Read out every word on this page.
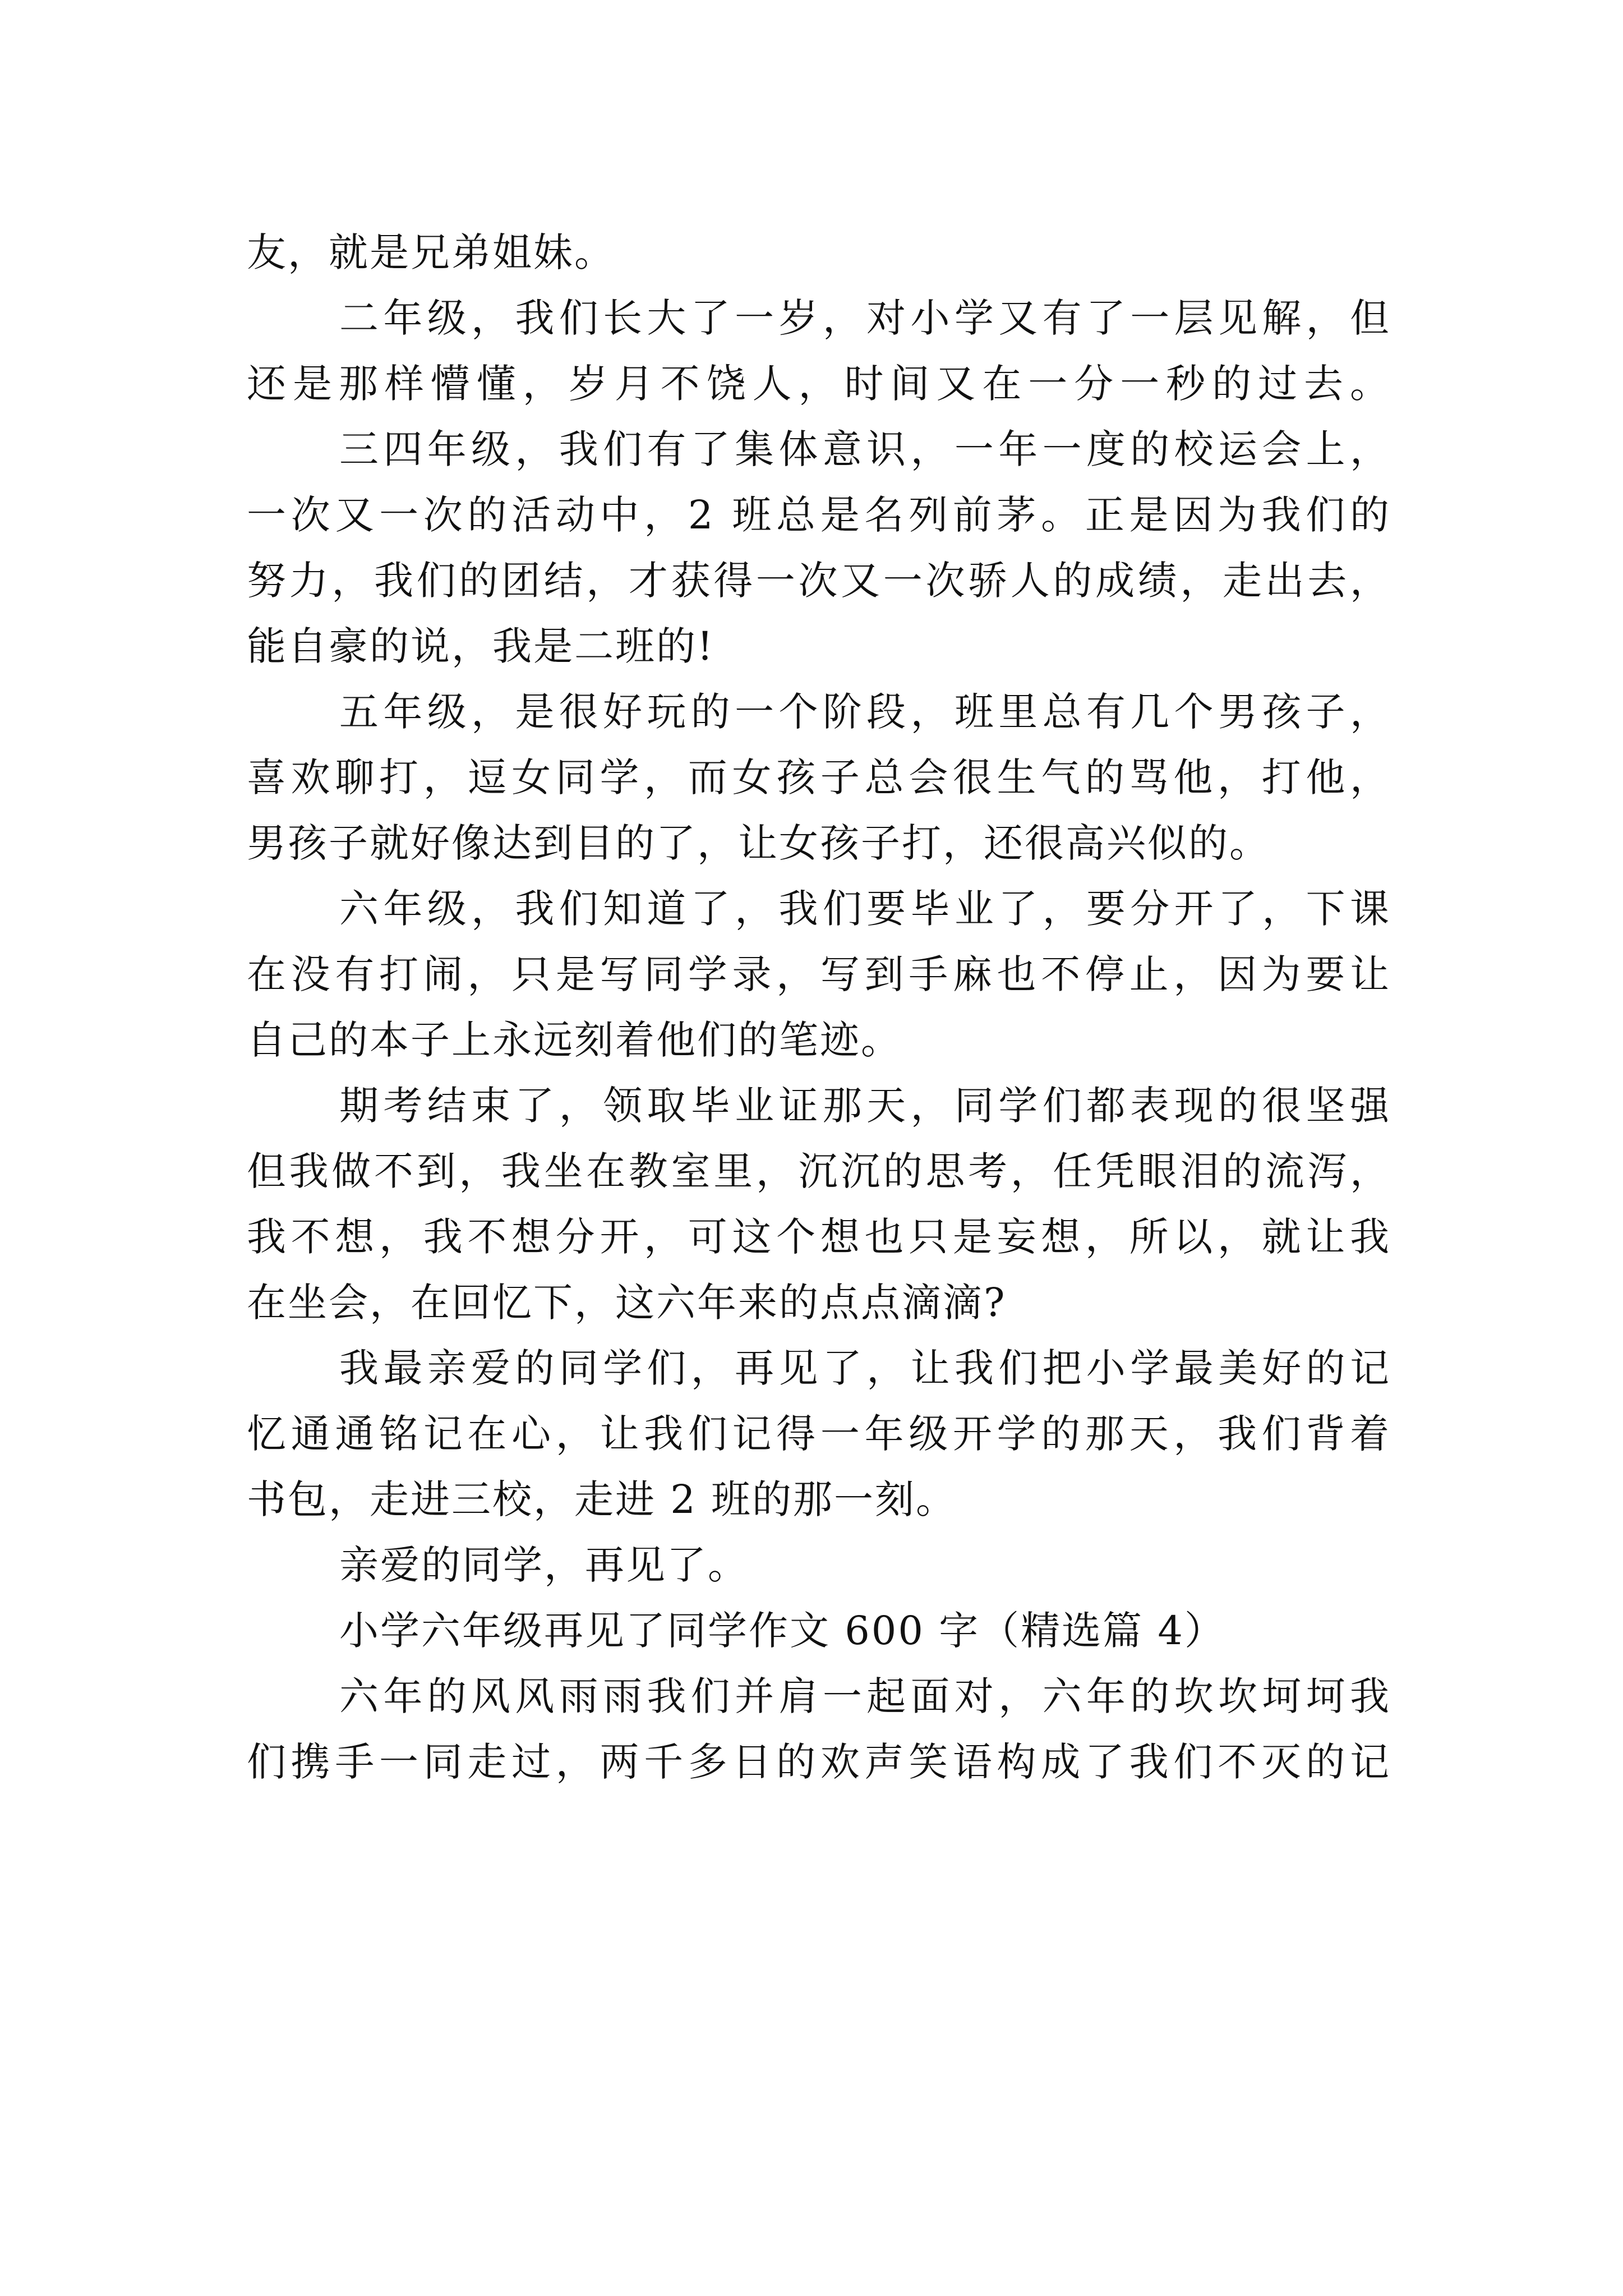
友，就是兄弟姐妹。
二年级，我们长大了一岁，对小学又有了一层见解，但
还是那样懵懂，岁月不饶人，时间又在一分一秒的过去。
三四年级，我们有了集体意识，一年一度的校运会上，
一次又一次的活动中，2 班总是名列前茅。正是因为我们的
努力，我们的团结，才获得一次又一次骄人的成绩，走出去，
能自豪的说，我是二班的!
五年级，是很好玩的一个阶段，班里总有几个男孩子，
喜欢聊打，逗女同学，而女孩子总会很生气的骂他，打他，
男孩子就好像达到目的了，让女孩子打，还很高兴似的。
六年级，我们知道了，我们要毕业了，要分开了，下课
在没有打闹，只是写同学录，写到手麻也不停止，因为要让
自己的本子上永远刻着他们的笔迹。
期考结束了，领取毕业证那天，同学们都表现的很坚强
但我做不到，我坐在教室里，沉沉的思考，任凭眼泪的流泻，
我不想，我不想分开，可这个想也只是妄想，所以，就让我
在坐会，在回忆下，这六年来的点点滴滴?
我最亲爱的同学们，再见了，让我们把小学最美好的记
忆通通铭记在心，让我们记得一年级开学的那天，我们背着
书包，走进三校，走进 2 班的那一刻。
亲爱的同学，再见了。
小学六年级再见了同学作文 600 字（精选篇 4）
六年的风风雨雨我们并肩一起面对，六年的坎坎坷坷我
们携手一同走过，两千多日的欢声笑语构成了我们不灭的记
